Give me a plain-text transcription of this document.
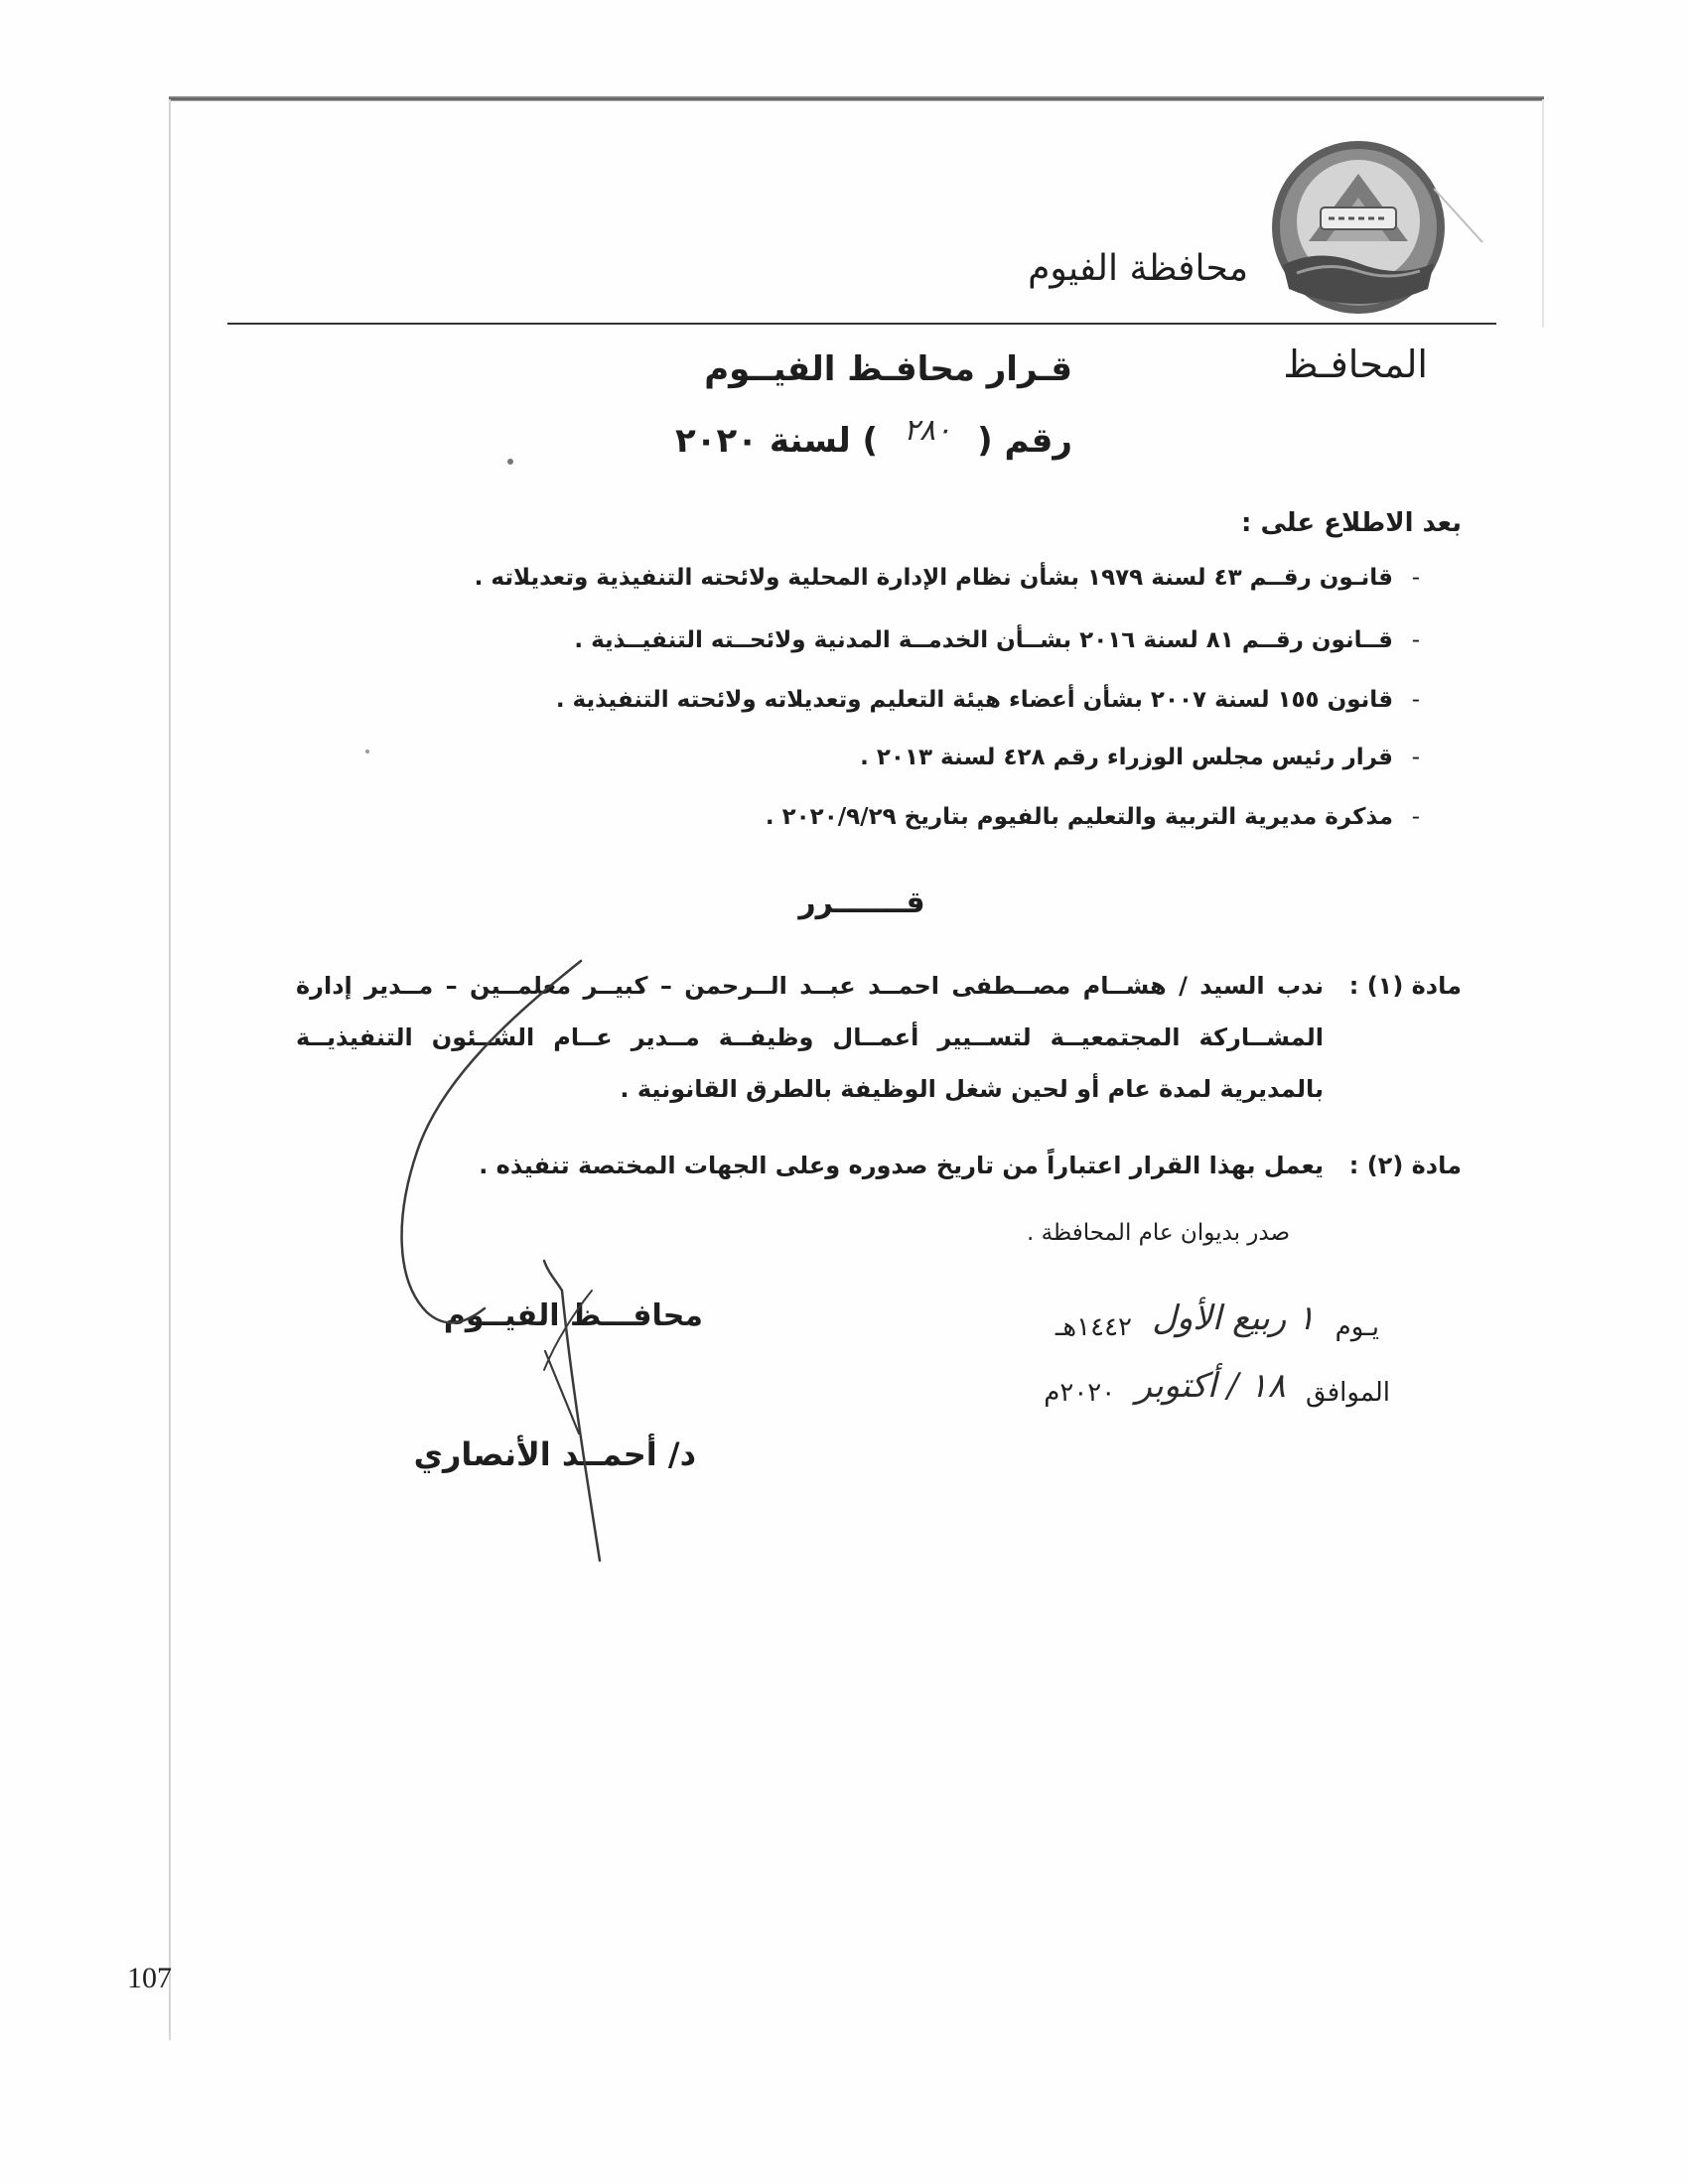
محافظة الفيوم
المحافـظ
قـرار محافـظ الفيــوم
رقم ( ٢٨٠ ) لسنة ٢٠٢٠
بعد الاطلاع على :
-
قانـون رقــم ٤٣ لسنة ١٩٧٩ بشأن نظام الإدارة المحلية ولائحته التنفيذية وتعديلاته .
-
قــانون رقــم ٨١ لسنة ٢٠١٦ بشــأن الخدمــة المدنية ولائحــته التنفيــذية .
-
قانون ١٥٥ لسنة ٢٠٠٧ بشأن أعضاء هيئة التعليم وتعديلاته ولائحته التنفيذية .
-
قرار رئيس مجلس الوزراء رقم ٤٢٨ لسنة ٢٠١٣ .
-
مذكرة مديرية التربية والتعليم بالفيوم بتاريخ ٢٠٢٠/٩/٢٩ .
قـــــــرر
مادة (١) :
ندب السيد / هشــام مصــطفى احمــد عبــد الــرحمن – كبيــر معلمــين – مــدير إدارة
المشــاركة المجتمعيــة لتســيير أعمــال وظيفــة مــدير عــام الشــئون التنفيذيــة
بالمديرية لمدة عام أو لحين شغل الوظيفة بالطرق القانونية .
مادة (٢) :
يعمل بهذا القرار اعتباراً من تاريخ صدوره وعلى الجهات المختصة تنفيذه .
صدر بديوان عام المحافظة .
يـوم ١ ربيع الأول ١٤٤٢هـ
الموافق ١٨ / أكتوبر ٢٠٢٠م
محافـــظ الفيــوم
د/ أحمــد الأنصاري
107
